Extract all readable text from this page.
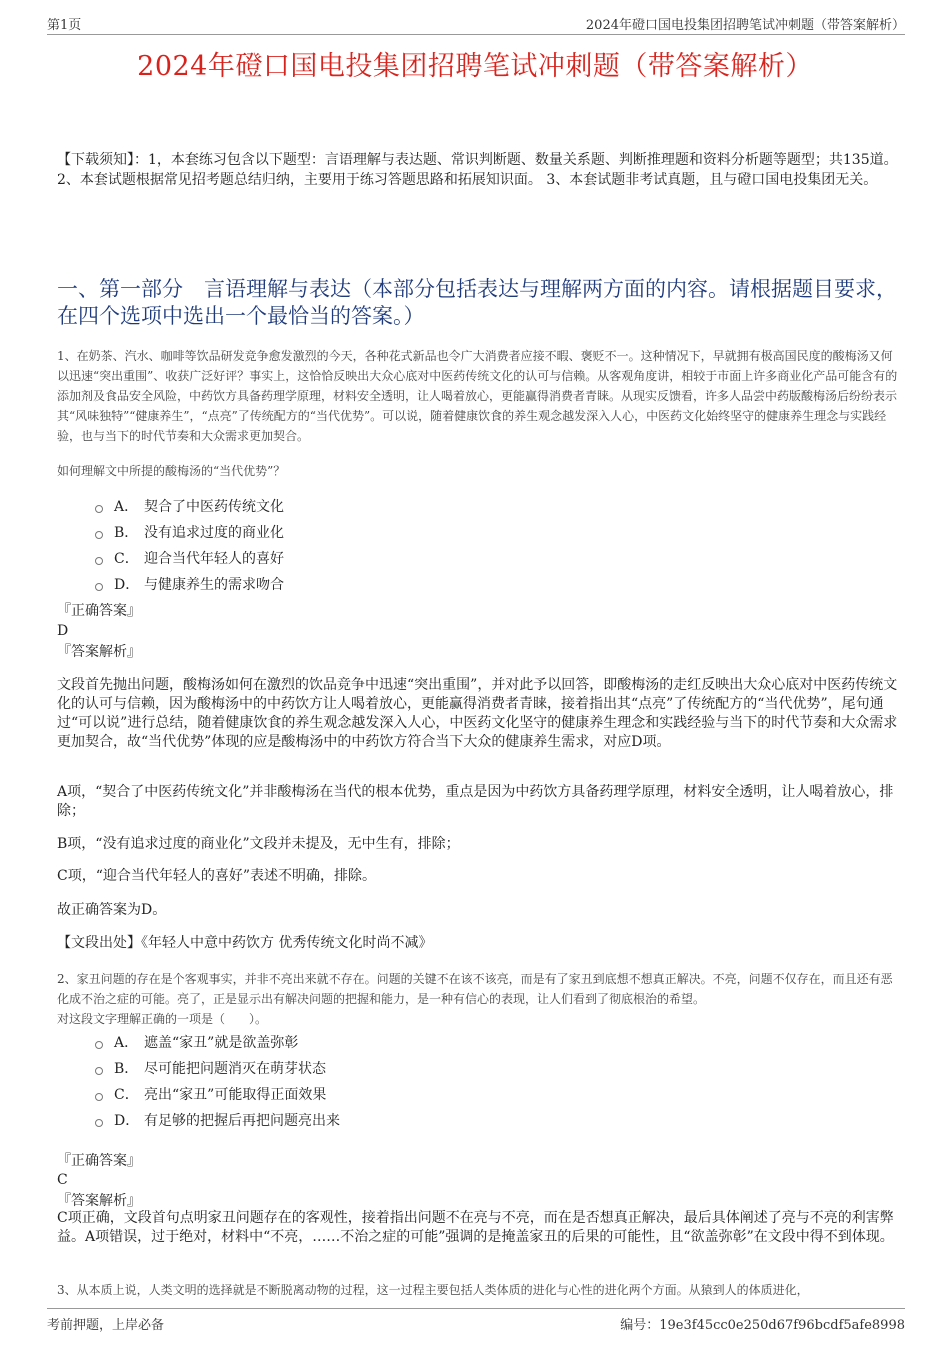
第1页	2024年磴口国电投集团招聘笔试冲刺题（带答案解析）
2024年磴口国电投集团招聘笔试冲刺题（带答案解析）
【下载须知】：1，本套练习包含以下题型：言语理解与表达题、常识判断题、数量关系题、判断推理题和资料分析题等题型；共135道。 2、本套试题根据常见招考题总结归纳，主要用于练习答题思路和拓展知识面。 3、本套试题非考试真题，且与磴口国电投集团无关。
一、第一部分　言语理解与表达（本部分包括表达与理解两方面的内容。请根据题目要求，在四个选项中选出一个最恰当的答案。）
1、在奶茶、汽水、咖啡等饮品研发竞争愈发激烈的今天，各种花式新品也令广大消费者应接不暇、褒贬不一。这种情况下，早就拥有极高国民度的酸梅汤又何以迅速“突出重围”、收获广泛好评？事实上，这恰恰反映出大众心底对中医药传统文化的认可与信赖。从客观角度讲，相较于市面上许多商业化产品可能含有的添加剂及食品安全风险，中药饮方具备药理学原理，材料安全透明，让人喝着放心，更能赢得消费者青睐。从现实反馈看，许多人品尝中药版酸梅汤后纷纷表示其“风味独特”“健康养生”，“点亮”了传统配方的“当代优势”。可以说，随着健康饮食的养生观念越发深入人心，中医药文化始终坚守的健康养生理念与实践经验，也与当下的时代节奏和大众需求更加契合。
如何理解文中所提的酸梅汤的“当代优势”？
A． 契合了中医药传统文化
B． 没有追求过度的商业化
C． 迎合当代年轻人的喜好
D． 与健康养生的需求吻合
『正确答案』
D
『答案解析』
文段首先抛出问题，酸梅汤如何在激烈的饮品竞争中迅速“突出重围”，并对此予以回答，即酸梅汤的走红反映出大众心底对中医药传统文化的认可与信赖，因为酸梅汤中的中药饮方让人喝着放心，更能赢得消费者青睐，接着指出其“点亮”了传统配方的“当代优势”，尾句通过“可以说”进行总结，随着健康饮食的养生观念越发深入人心，中医药文化坚守的健康养生理念和实践经验与当下的时代节奏和大众需求更加契合，故“当代优势”体现的应是酸梅汤中的中药饮方符合当下大众的健康养生需求，对应D项。
A项，“契合了中医药传统文化”并非酸梅汤在当代的根本优势，重点是因为中药饮方具备药理学原理，材料安全透明，让人喝着放心，排除；
B项，“没有追求过度的商业化”文段并未提及，无中生有，排除；
C项，“迎合当代年轻人的喜好”表述不明确，排除。
故正确答案为D。
【文段出处】《年轻人中意中药饮方 优秀传统文化时尚不减》
2、家丑问题的存在是个客观事实，并非不亮出来就不存在。问题的关键不在该不该亮，而是有了家丑到底想不想真正解决。不亮，问题不仅存在，而且还有恶化成不治之症的可能。亮了，正是显示出有解决问题的把握和能力，是一种有信心的表现，让人们看到了彻底根治的希望。
对这段文字理解正确的一项是（　　）。
A． 遮盖“家丑”就是欲盖弥彰
B． 尽可能把问题消灭在萌芽状态
C． 亮出“家丑”可能取得正面效果
D． 有足够的把握后再把问题亮出来
『正确答案』
C
『答案解析』
C项正确，文段首句点明家丑问题存在的客观性，接着指出问题不在亮与不亮，而在是否想真正解决，最后具体阐述了亮与不亮的利害弊益。A项错误，过于绝对，材料中“不亮，……不治之症的可能”强调的是掩盖家丑的后果的可能性，且“欲盖弥彰”在文段中得不到体现。
3、从本质上说，人类文明的选择就是不断脱离动物的过程，这一过程主要包括人类体质的进化与心性的进化两个方面。从猿到人的体质进化，
考前押题，上岸必备	编号：19e3f45cc0e250d67f96bcdf5afe8998
